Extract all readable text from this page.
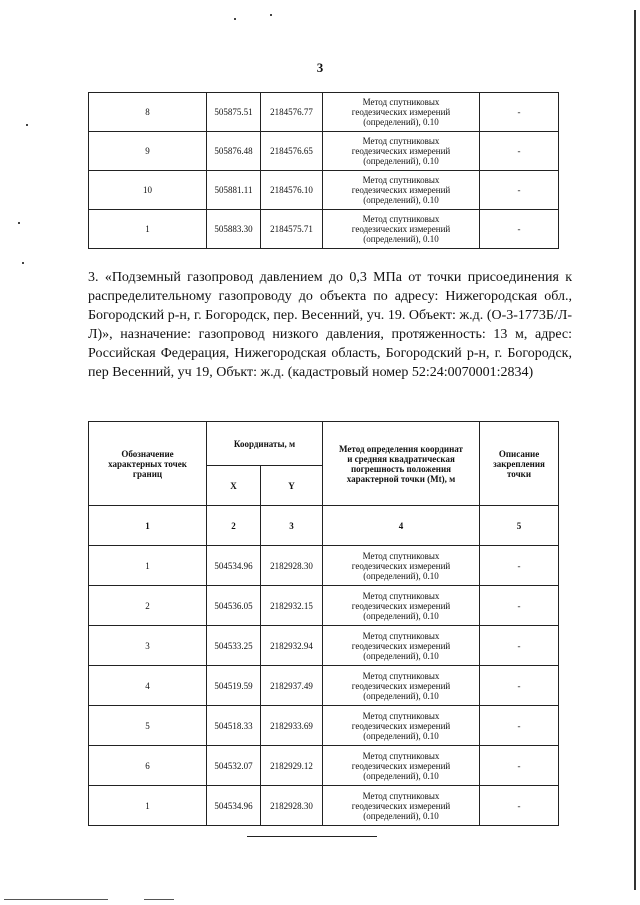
3
8	505875.51	2184576.77	Метод спутниковых
геодезических измерений
(определений), 0.10	-
9	505876.48	2184576.65	Метод спутниковых
геодезических измерений
(определений), 0.10	-
10	505881.11	2184576.10	Метод спутниковых
геодезических измерений
(определений), 0.10	-
1	505883.30	2184575.71	Метод спутниковых
геодезических измерений
(определений), 0.10	-

3. «Подземный газопровод давлением до 0,3 МПа от точки присоединения к распределительному газопроводу до объекта по адресу: Нижегородская обл., Богородский р-н, г. Богородск, пер. Весенний, уч. 19. Объект: ж.д. (О-3-1773Б/Л-Л)», назначение: газопровод низкого давления, протяженность: 13 м, адрес: Российская Федерация, Нижегородская область, Богородский р-н, г. Богородск, пер Весенний, уч 19, Объкт: ж.д. (кадастровый номер 52:24:0070001:2834)

Обозначение
характерных точек
границ	Координаты, м		Метод определения координат
и средняя квадратическая
погрешность положения
характерной точки (Mt), м	Описание
закрепления
точки
	X	Y		
1	2	3	4	5
1	504534.96	2182928.30	Метод спутниковых
геодезических измерений
(определений), 0.10	-
2	504536.05	2182932.15	Метод спутниковых
геодезических измерений
(определений), 0.10	-
3	504533.25	2182932.94	Метод спутниковых
геодезических измерений
(определений), 0.10	-
4	504519.59	2182937.49	Метод спутниковых
геодезических измерений
(определений), 0.10	-
5	504518.33	2182933.69	Метод спутниковых
геодезических измерений
(определений), 0.10	-
6	504532.07	2182929.12	Метод спутниковых
геодезических измерений
(определений), 0.10	-
1	504534.96	2182928.30	Метод спутниковых
геодезических измерений
(определений), 0.10	-
